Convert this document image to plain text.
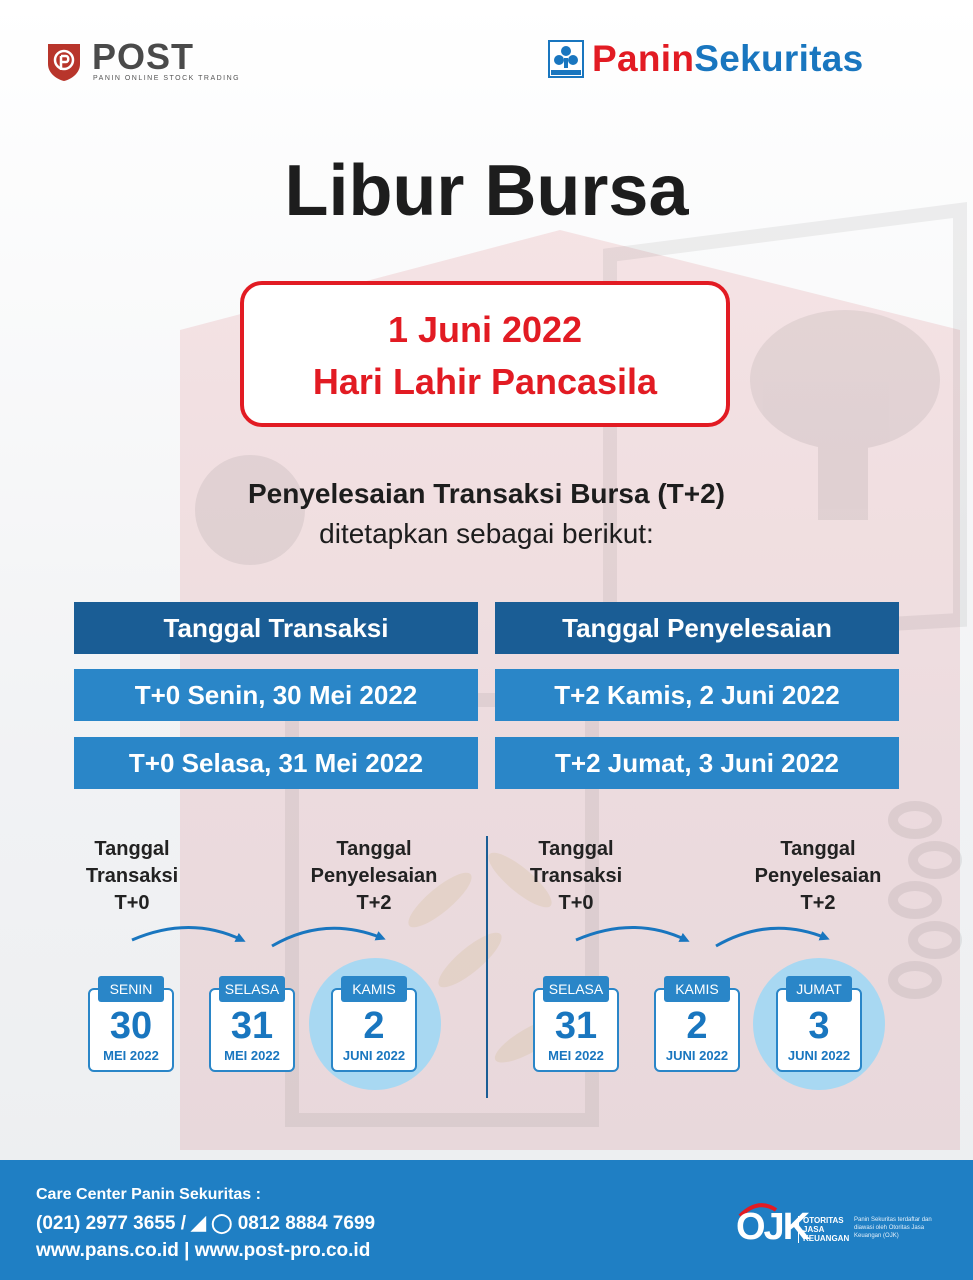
POST
PANIN ONLINE STOCK TRADING	PaninSekuritas
Libur Bursa
1 Juni 2022
Hari Lahir Pancasila
Penyelesaian Transaksi Bursa (T+2)
ditetapkan sebagai berikut:
Tanggal Transaksi	Tanggal Penyelesaian
T+0 Senin, 30 Mei 2022	T+2 Kamis, 2 Juni 2022
T+0 Selasa, 31 Mei 2022	T+2 Jumat, 3 Juni 2022
Tanggal
Transaksi
T+0
Tanggal
Penyelesaian
T+2
Tanggal
Transaksi
T+0
Tanggal
Penyelesaian
T+2
SENIN
30
MEI 2022
SELASA
31
MEI 2022
KAMIS
2
JUNI 2022
SELASA
31
MEI 2022
KAMIS
2
JUNI 2022
JUMAT
3
JUNI 2022
Care Center Panin Sekuritas :
(021) 2977 3655 / ◢ ◯ 0812 8884 7699
www.pans.co.id | www.post-pro.co.id
OJK
OTORITAS
JASA
KEUANGAN
Panin Sekuritas terdaftar dan diawasi oleh Otoritas Jasa Keuangan (OJK)
